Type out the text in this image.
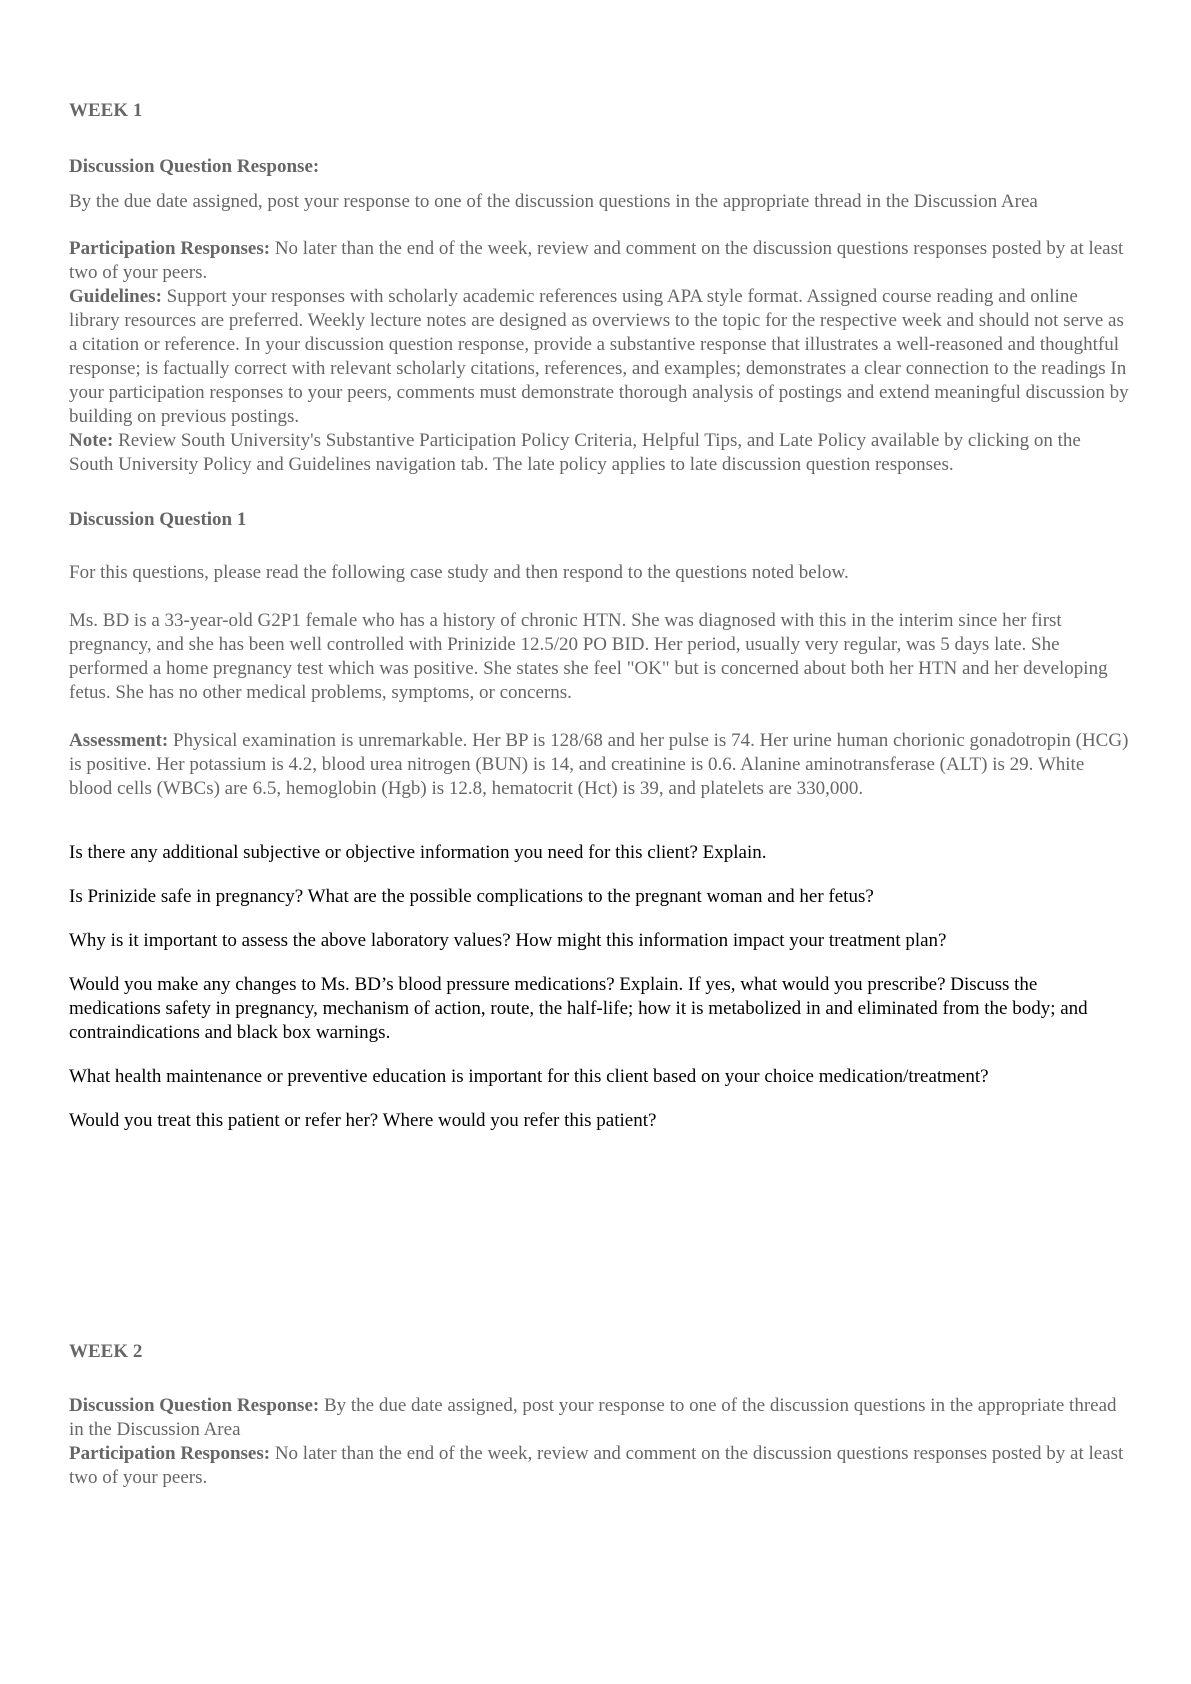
WEEK 1
Discussion Question Response:
By the due date assigned, post your response to one of the discussion questions in the appropriate thread in the Discussion Area

Participation Responses: No later than the end of the week, review and comment on the discussion questions responses posted by at least two of your peers.

Guidelines: Support your responses with scholarly academic references using APA style format. Assigned course reading and online library resources are preferred. Weekly lecture notes are designed as overviews to the topic for the respective week and should not serve as a citation or reference. In your discussion question response, provide a substantive response that illustrates a well-reasoned and thoughtful response; is factually correct with relevant scholarly citations, references, and examples; demonstrates a clear connection to the readings In your participation responses to your peers, comments must demonstrate thorough analysis of postings and extend meaningful discussion by building on previous postings.

Note: Review South University's Substantive Participation Policy Criteria, Helpful Tips, and Late Policy available by clicking on the South University Policy and Guidelines navigation tab. The late policy applies to late discussion question responses.

Discussion Question 1
For this questions, please read the following case study and then respond to the questions noted below.
Ms. BD is a 33-year-old G2P1 female who has a history of chronic HTN. She was diagnosed with this in the interim since her first pregnancy, and she has been well controlled with Prinizide 12.5/20 PO BID. Her period, usually very regular, was 5 days late. She performed a home pregnancy test which was positive. She states she feel "OK" but is concerned about both her HTN and her developing fetus. She has no other medical problems, symptoms, or concerns.
Assessment: Physical examination is unremarkable. Her BP is 128/68 and her pulse is 74. Her urine human chorionic gonadotropin (HCG) is positive. Her potassium is 4.2, blood urea nitrogen (BUN) is 14, and creatinine is 0.6. Alanine aminotransferase (ALT) is 29. White blood cells (WBCs) are 6.5, hemoglobin (Hgb) is 12.8, hematocrit (Hct) is 39, and platelets are 330,000.
Is there any additional subjective or objective information you need for this client? Explain.
Is Prinizide safe in pregnancy? What are the possible complications to the pregnant woman and her fetus?
Why is it important to assess the above laboratory values? How might this information impact your treatment plan?
Would you make any changes to Ms. BD’s blood pressure medications? Explain. If yes, what would you prescribe? Discuss the medications safety in pregnancy, mechanism of action, route, the half-life; how it is metabolized in and eliminated from the body; and contraindications and black box warnings.
What health maintenance or preventive education is important for this client based on your choice medication/treatment?
Would you treat this patient or refer her? Where would you refer this patient?
WEEK 2

Discussion Question Response: By the due date assigned, post your response to one of the discussion questions in the appropriate thread in the Discussion Area

Participation Responses: No later than the end of the week, review and comment on the discussion questions responses posted by at least two of your peers.
